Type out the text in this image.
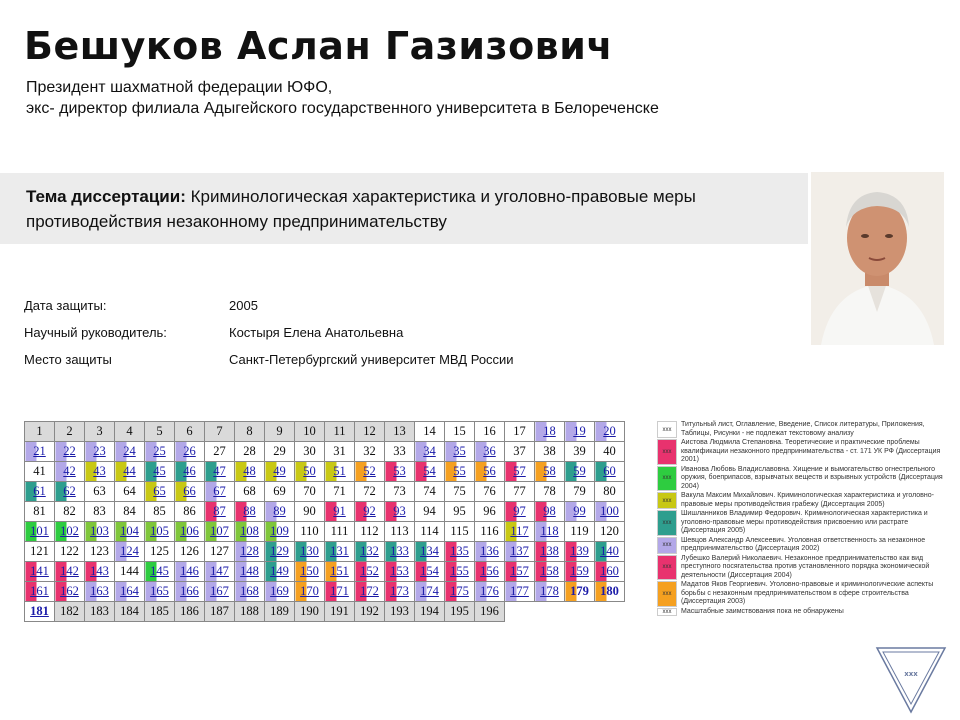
Бешуков Аслан Газизович
Президент шахматной федерации ЮФО,
экс- директор филиала Адыгейского государственного университета в Белореченске
Тема диссертации: Криминологическая характеристика и уголовно-правовые меры противодействия незаконному предпринимательству
Дата защиты:	2005
Научный руководитель:	Костыря Елена Анатольевна
Место защиты	Санкт-Петербургский университет МВД России
1	2	3	4	5	6	7	8	9	10	11	12	13	14	15	16	17	18	19	20
21	22	23	24	25	26	27	28	29	30	31	32	33	34	35	36	37	38	39	40
41	42	43	44	45	46	47	48	49	50	51	52	53	54	55	56	57	58	59	60
61	62	63	64	65	66	67	68	69	70	71	72	73	74	75	76	77	78	79	80
81	82	83	84	85	86	87	88	89	90	91	92	93	94	95	96	97	98	99	100
101	102	103	104	105	106	107	108	109	110	111	112	113	114	115	116	117	118	119	120
121	122	123	124	125	126	127	128	129	130	131	132	133	134	135	136	137	138	139	140
141	142	143	144	145	146	147	148	149	150	151	152	153	154	155	156	157	158	159	160
161	162	163	164	165	166	167	168	169	170	171	172	173	174	175	176	177	178	179	180
181	182	183	184	185	186	187	188	189	190	191	192	193	194	195	196				
xxx
Титульный лист, Оглавление, Введение, Список литературы, Приложения, Таблицы, Рисунки - не подлежат текстовому анализу
xxx
Аистова Людмила Степановна. Теоретические и практические проблемы квалификации незаконного предпринимательства - ст. 171 УК РФ (Диссертация 2001)
xxx
Иванова Любовь Владиславовна. Хищение и вымогательство огнестрельного оружия, боеприпасов, взрывчатых веществ и взрывных устройств (Диссертация 2004)
xxx
Вакула Максим Михайлович. Криминологическая характеристика и уголовно-правовые меры противодействия грабежу (Диссертация 2005)
xxx
Шишланников Владимир Федорович. Криминологическая характеристика и уголовно-правовые меры противодействия присвоению или растрате (Диссертация 2005)
xxx
Шевцов Александр Алексеевич. Уголовная ответственность за незаконное предпринимательство (Диссертация 2002)
xxx
Лубешко Валерий Николаевич. Незаконное предпринимательство как вид преступного посягательства против установленного порядка экономической деятельности (Диссертация 2004)
xxx
Мадатов Яков Георгиевич. Уголовно-правовые и криминологические аспекты борьбы с незаконным предпринимательством в сфере строительства (Диссертация 2003)
xxx	Масштабные заимствования пока не обнаружены
xxx
